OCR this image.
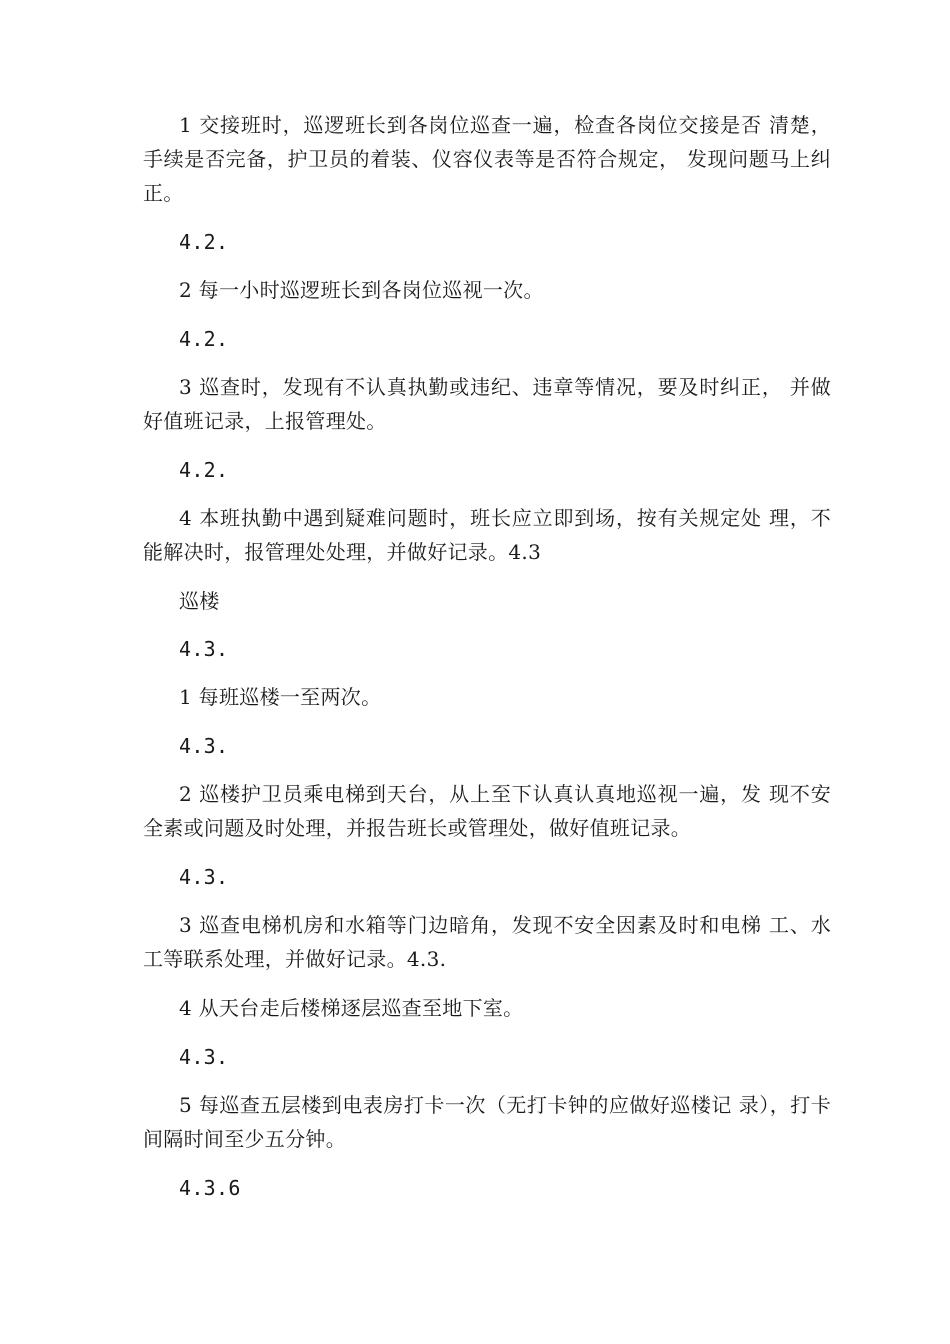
1 交接班时，巡逻班长到各岗位巡查一遍，检查各岗位交接是否 清楚，手续是否完备，护卫员的着装、仪容仪表等是否符合规定， 发现问题马上纠正。

4.2.

2 每一小时巡逻班长到各岗位巡视一次。

4.2.

3 巡查时，发现有不认真执勤或违纪、违章等情况，要及时纠正， 并做好值班记录，上报管理处。

4.2.

4 本班执勤中遇到疑难问题时，班长应立即到场，按有关规定处 理，不能解决时，报管理处处理，并做好记录。4.3

巡楼

4.3.

1 每班巡楼一至两次。

4.3.

2 巡楼护卫员乘电梯到天台，从上至下认真认真地巡视一遍，发 现不安全素或问题及时处理，并报告班长或管理处，做好值班记录。

4.3.

3 巡查电梯机房和水箱等门边暗角，发现不安全因素及时和电梯 工、水工等联系处理，并做好记录。4.3.

4 从天台走后楼梯逐层巡查至地下室。

4.3.

5 每巡查五层楼到电表房打卡一次（无打卡钟的应做好巡楼记 录），打卡间隔时间至少五分钟。

4.3.6
